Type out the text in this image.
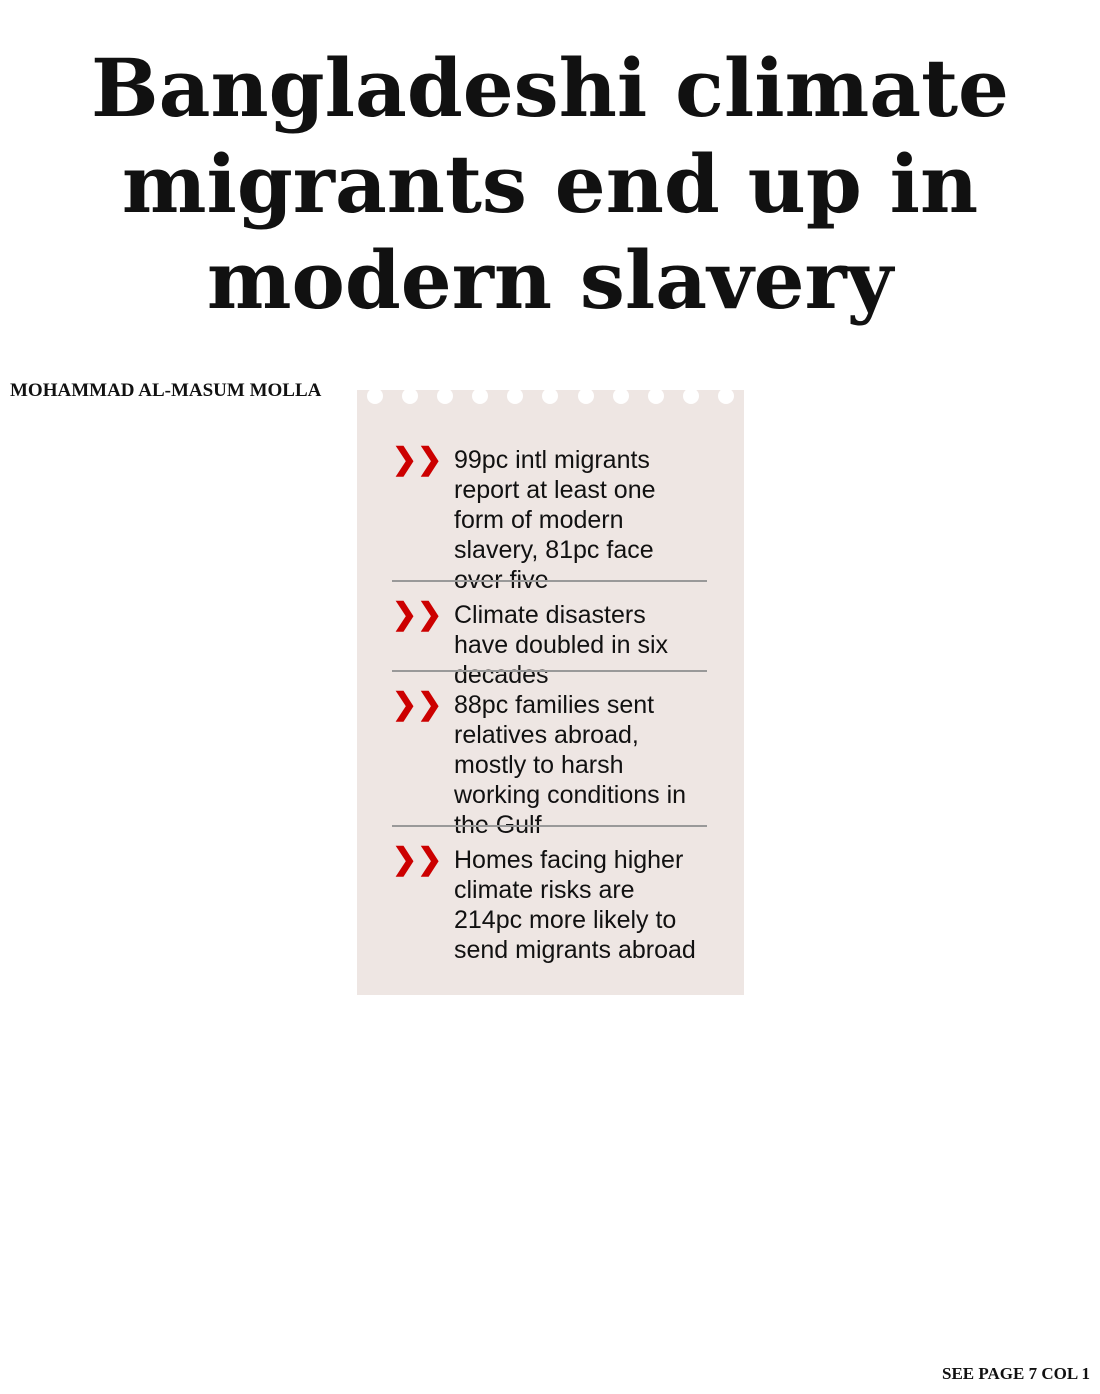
Bangladeshi climate migrants end up in modern slavery
MOHAMMAD AL-MASUM MOLLA
❯❯ 99pc intl migrants report at least one form of modern slavery, 81pc face over five
❯❯ Climate disasters have doubled in six decades
❯❯ 88pc families sent relatives abroad, mostly to harsh working conditions in the Gulf
❯❯ Homes facing higher climate risks are 214pc more likely to send migrants abroad
SEE PAGE 7 COL 1
